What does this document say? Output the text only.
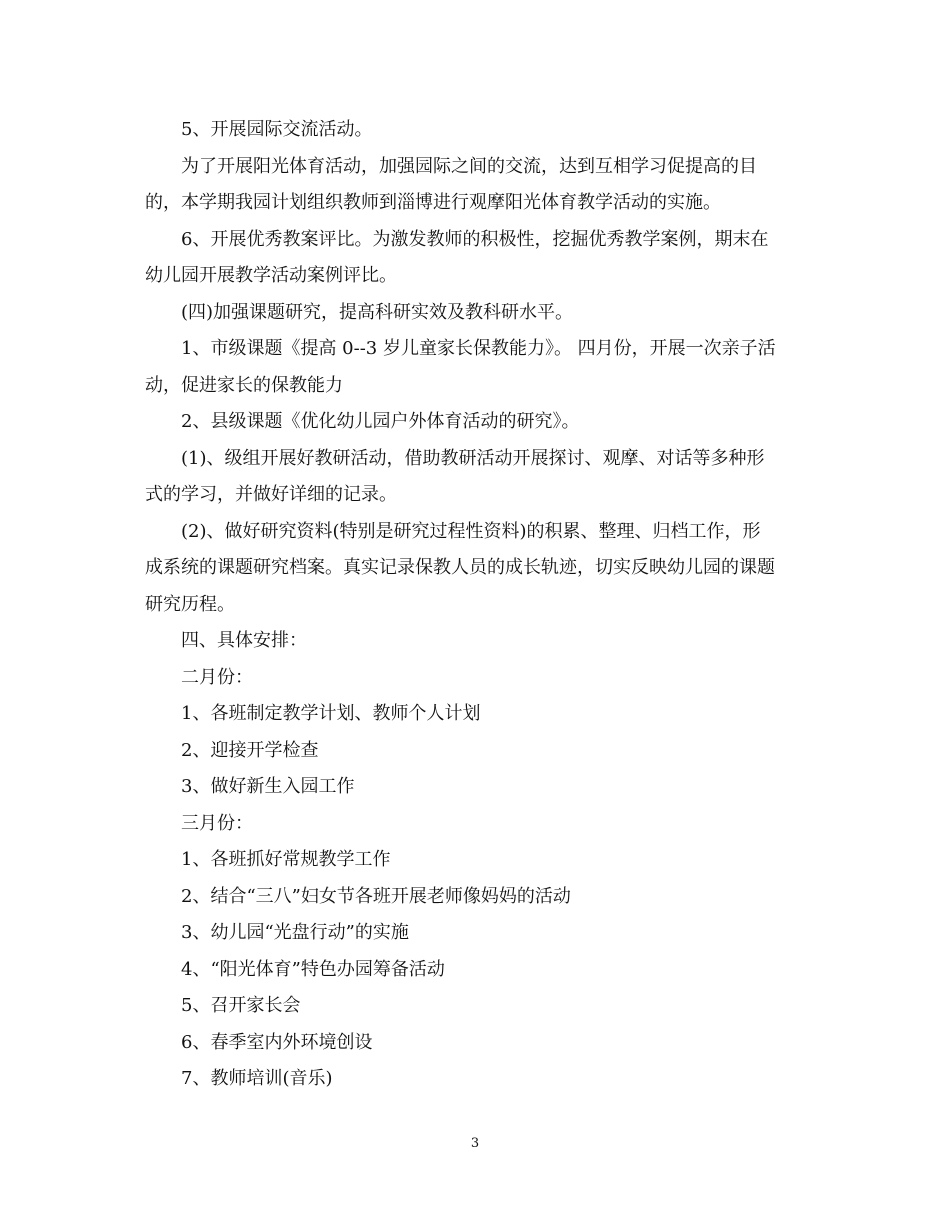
5、开展园际交流活动。
为了开展阳光体育活动，加强园际之间的交流，达到互相学习促提高的目
的，本学期我园计划组织教师到淄博进行观摩阳光体育教学活动的实施。
6、开展优秀教案评比。为激发教师的积极性，挖掘优秀教学案例，期末在
幼儿园开展教学活动案例评比。
(四)加强课题研究，提高科研实效及教科研水平。
1、市级课题《提高 0--3 岁儿童家长保教能力》。 四月份，开展一次亲子活
动，促进家长的保教能力
2、县级课题《优化幼儿园户外体育活动的研究》。
(1)、级组开展好教研活动，借助教研活动开展探讨、观摩、对话等多种形
式的学习，并做好详细的记录。
(2)、做好研究资料(特别是研究过程性资料)的积累、整理、归档工作，形
成系统的课题研究档案。真实记录保教人员的成长轨迹，切实反映幼儿园的课题
研究历程。
四、具体安排：
二月份：
1、各班制定教学计划、教师个人计划
2、迎接开学检查
3、做好新生入园工作
三月份：
1、各班抓好常规教学工作
2、结合“三八”妇女节各班开展老师像妈妈的活动
3、幼儿园“光盘行动”的实施
4、“阳光体育”特色办园筹备活动
5、召开家长会
6、春季室内外环境创设
7、教师培训(音乐)
3
